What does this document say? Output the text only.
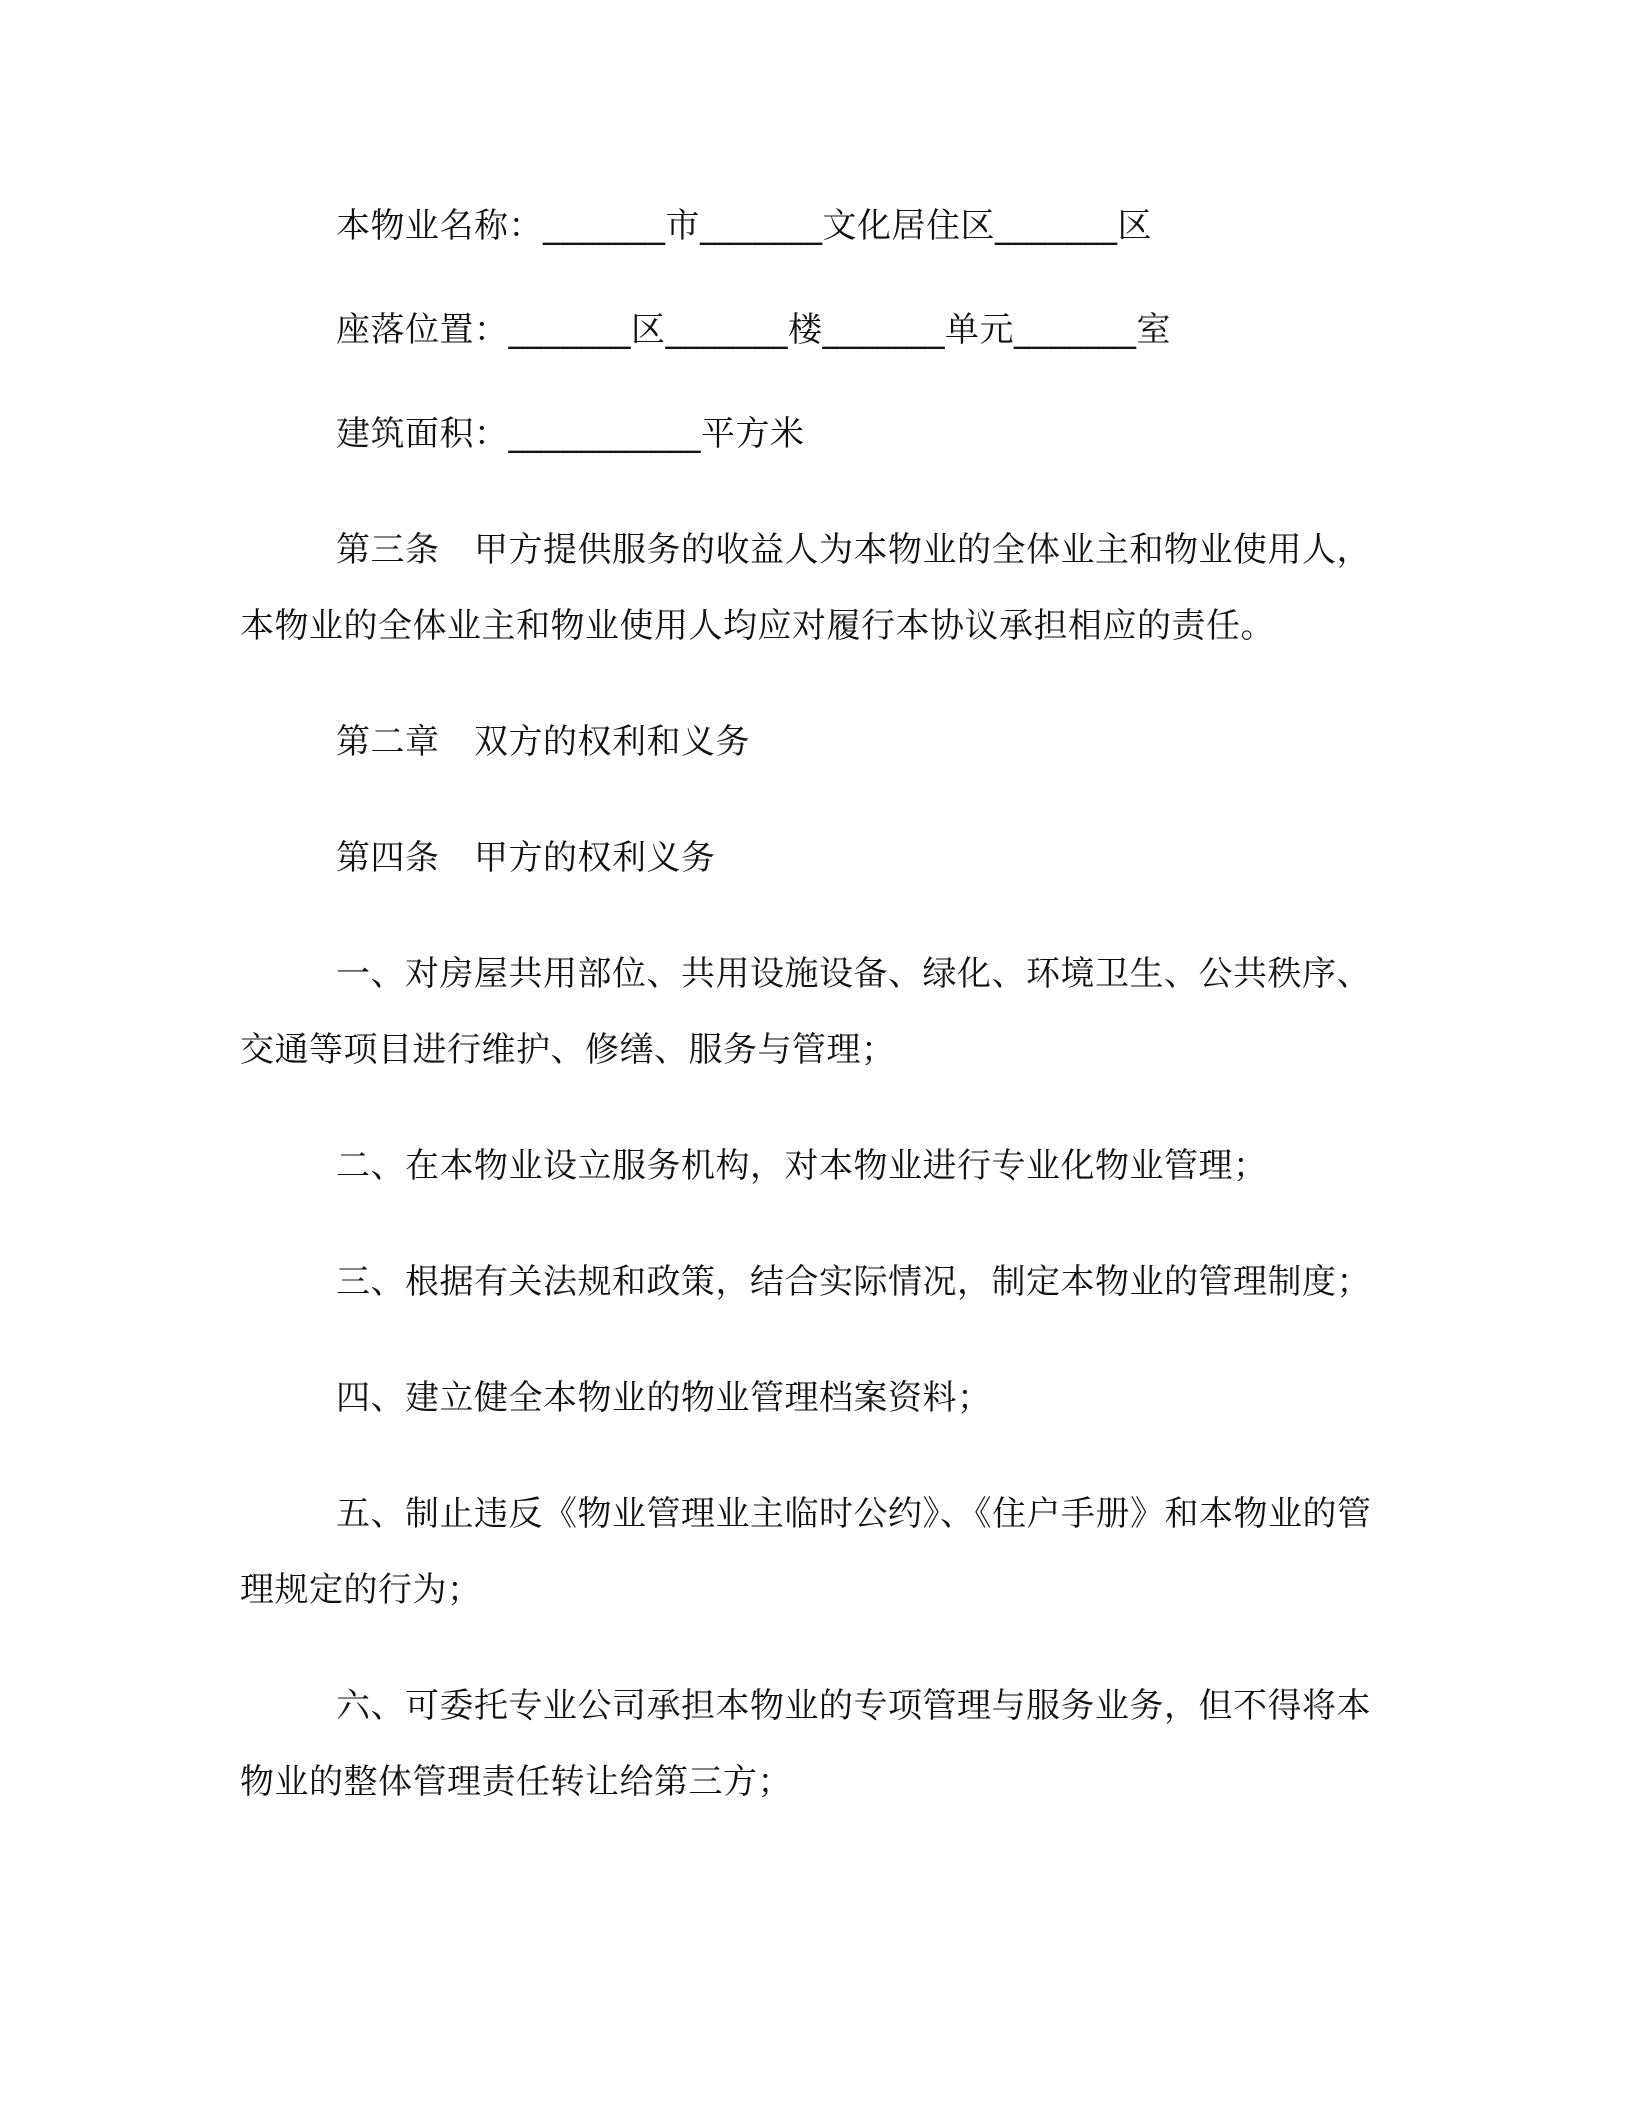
本物业名称：_______市_______文化居住区_______区

座落位置：_______区_______楼_______单元_______室

建筑面积：___________平方米

第三条　甲方提供服务的收益人为本物业的全体业主和物业使用人，本物业的全体业主和物业使用人均应对履行本协议承担相应的责任。

第二章　双方的权利和义务

第四条　甲方的权利义务

一、对房屋共用部位、共用设施设备、绿化、环境卫生、公共秩序、交通等项目进行维护、修缮、服务与管理；

二、在本物业设立服务机构，对本物业进行专业化物业管理；

三、根据有关法规和政策，结合实际情况，制定本物业的管理制度；

四、建立健全本物业的物业管理档案资料；

五、制止违反《物业管理业主临时公约》、《住户手册》和本物业的管理规定的行为；

六、可委托专业公司承担本物业的专项管理与服务业务，但不得将本物业的整体管理责任转让给第三方；
